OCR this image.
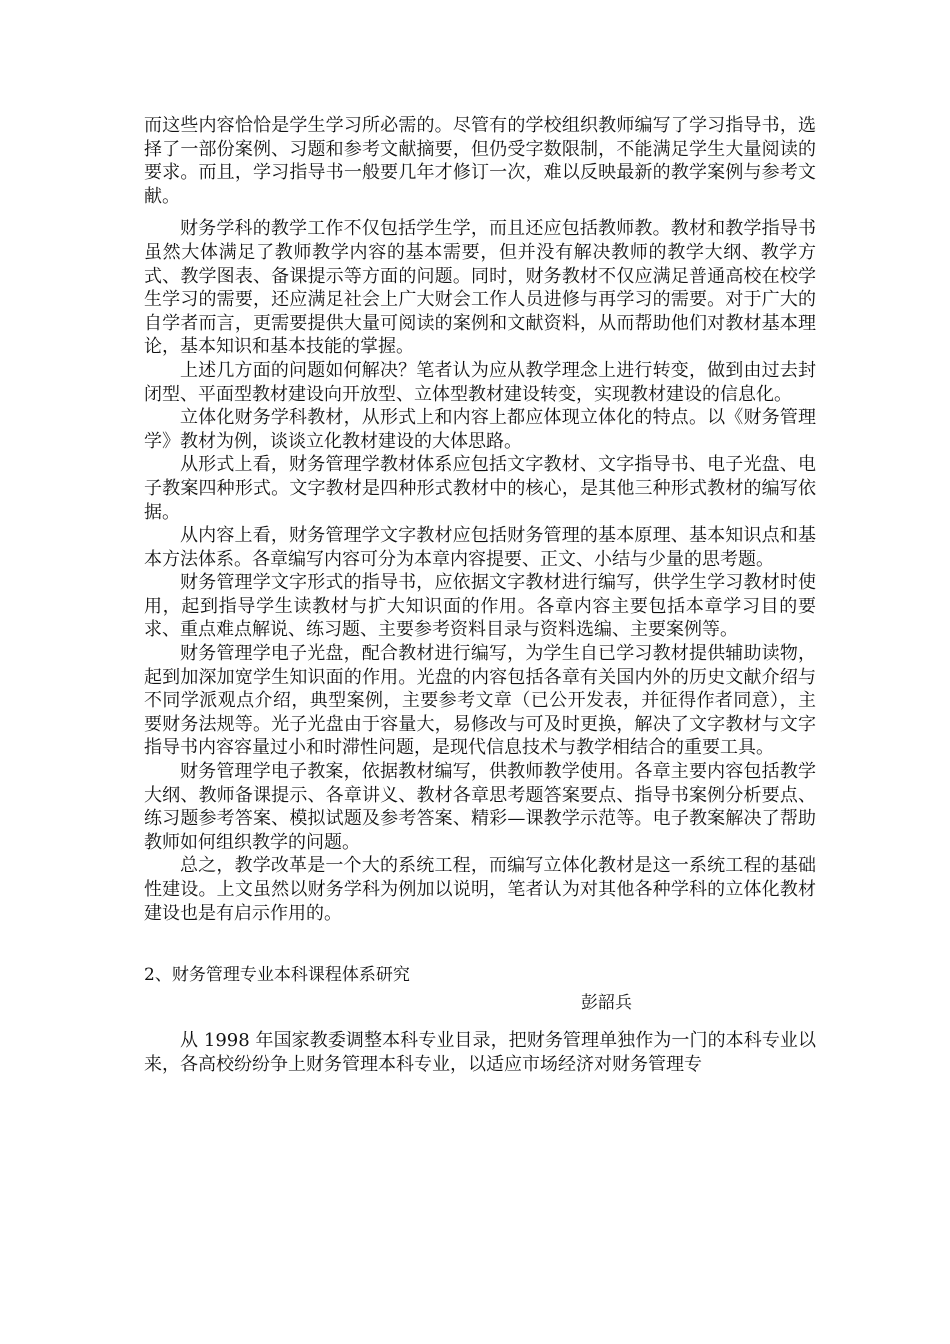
而这些内容恰恰是学生学习所必需的。尽管有的学校组织教师编写了学习指导书，选择了一部份案例、习题和参考文献摘要，但仍受字数限制，不能满足学生大量阅读的要求。而且，学习指导书一般要几年才修订一次，难以反映最新的教学案例与参考文献。

财务学科的教学工作不仅包括学生学，而且还应包括教师教。教材和教学指导书虽然大体满足了教师教学内容的基本需要，但并没有解决教师的教学大纲、教学方式、教学图表、备课提示等方面的问题。同时，财务教材不仅应满足普通高校在校学生学习的需要，还应满足社会上广大财会工作人员进修与再学习的需要。对于广大的自学者而言，更需要提供大量可阅读的案例和文献资料，从而帮助他们对教材基本理论，基本知识和基本技能的掌握。

上述几方面的问题如何解决？笔者认为应从教学理念上进行转变，做到由过去封闭型、平面型教材建设向开放型、立体型教材建设转变，实现教材建设的信息化。

立体化财务学科教材，从形式上和内容上都应体现立体化的特点。以《财务管理学》教材为例，谈谈立化教材建设的大体思路。

从形式上看，财务管理学教材体系应包括文字教材、文字指导书、电子光盘、电子教案四种形式。文字教材是四种形式教材中的核心，是其他三种形式教材的编写依据。

从内容上看，财务管理学文字教材应包括财务管理的基本原理、基本知识点和基本方法体系。各章编写内容可分为本章内容提要、正文、小结与少量的思考题。

财务管理学文字形式的指导书，应依据文字教材进行编写，供学生学习教材时使用，起到指导学生读教材与扩大知识面的作用。各章内容主要包括本章学习目的要求、重点难点解说、练习题、主要参考资料目录与资料选编、主要案例等。

财务管理学电子光盘，配合教材进行编写，为学生自已学习教材提供辅助读物，起到加深加宽学生知识面的作用。光盘的内容包括各章有关国内外的历史文献介绍与不同学派观点介绍，典型案例，主要参考文章（已公开发表，并征得作者同意），主要财务法规等。光子光盘由于容量大，易修改与可及时更换，解决了文字教材与文字指导书内容容量过小和时滞性问题，是现代信息技术与教学相结合的重要工具。

财务管理学电子教案，依据教材编写，供教师教学使用。各章主要内容包括教学大纲、教师备课提示、各章讲义、教材各章思考题答案要点、指导书案例分析要点、练习题参考答案、模拟试题及参考答案、精彩—课教学示范等。电子教案解决了帮助教师如何组织教学的问题。

总之，教学改革是一个大的系统工程，而编写立体化教材是这一系统工程的基础性建设。上文虽然以财务学科为例加以说明，笔者认为对其他各种学科的立体化教材建设也是有启示作用的。

2、财务管理专业本科课程体系研究
彭韶兵

从 1998 年国家教委调整本科专业目录，把财务管理单独作为一门的本科专业以来，各高校纷纷争上财务管理本科专业，以适应市场经济对财务管理专
